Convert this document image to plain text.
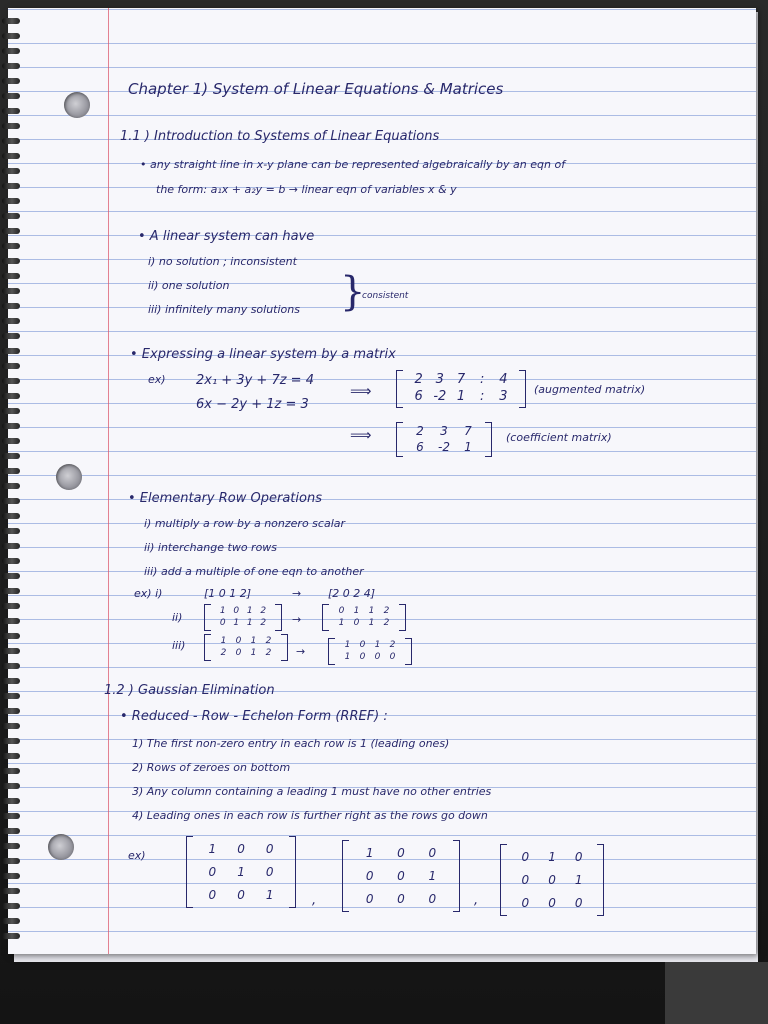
Chapter 1) System of Linear Equations & Matrices
1.1 ) Introduction to Systems of Linear Equations
• any straight line in x-y plane can be represented algebraically by an eqn of
the form: a₁x + a₂y = b → linear eqn of variables x & y
• A linear system can have
i) no solution ; inconsistent
ii) one solution
iii) infinitely many solutions }
consistent
• Expressing a linear system by a matrix
ex) 2x₁ + 3y + 7z = 4
6x − 2y + 1z = 3
⟹
2 3 7	:	4
6 -2 1	:	3	(augmented matrix)
⟹	2	3	7
6	-2	1
(coefficient matrix)
• Elementary Row Operations
i) multiply a row by a nonzero scalar
ii) interchange two rows
iii) add a multiple of one eqn to another
ex) i)	[1 0 1 2]	→ [2 0 2 4]
ii)	1 0 1 2
0 1 1 2	→
0	1	1	2
1	0	1	2
iii)	1	0	1	2
2	0	1	2	→	1	0	1	2
1	0	0	0
1.2 ) Gaussian Elimination
• Reduced - Row - Echelon Form (RREF) :
1) The first non-zero entry in each row is 1 (leading ones)
2) Rows of zeroes on bottom
3) Any column containing a leading 1 must have no other entries
4) Leading ones in each row is further right as the rows go down
ex)	1	0	0
0	1	0
0	0	1	,
1	0	0
0	0	1
0	0	0	,
0	1	0
0	0	1
0	0	0
